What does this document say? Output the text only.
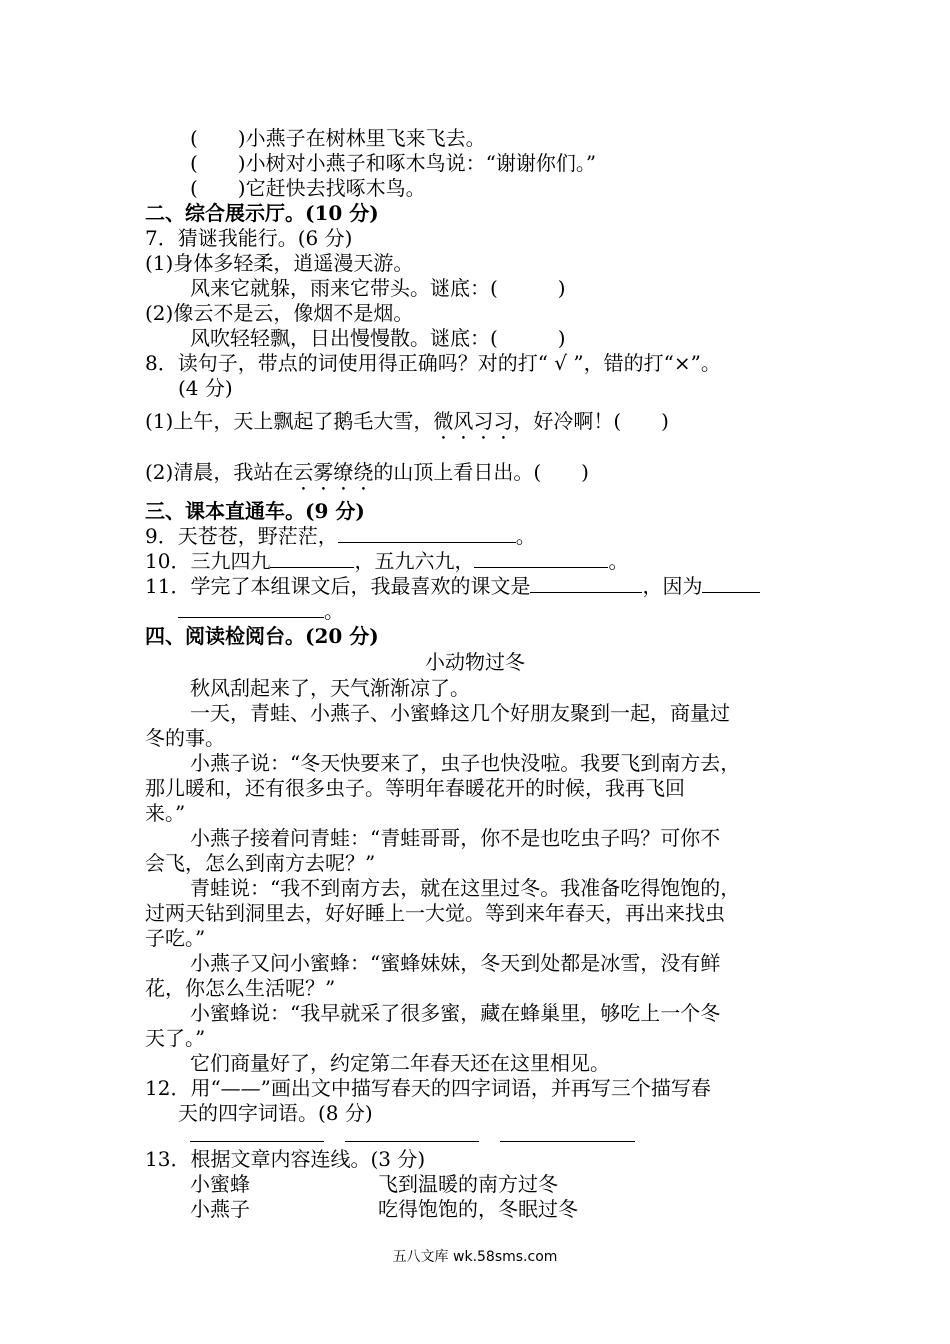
(　　)小燕子在树林里飞来飞去。
(　　)小树对小燕子和啄木鸟说：“谢谢你们。”
(　　)它赶快去找啄木鸟。
二、综合展示厅。(10 分)
7．猜谜我能行。(6 分)
(1)身体多轻柔，逍遥漫天游。
风来它就躲，雨来它带头。谜底：(　　　)
(2)像云不是云，像烟不是烟。
风吹轻轻飘，日出慢慢散。谜底：(　　　)
8．读句子，带点的词使用得正确吗？对的打“ √ ”，错的打“×”。
(4 分)
(1)上午，天上飘起了鹅毛大雪，微风习习，好冷啊！(　　)
(2)清晨，我站在云雾缭绕的山顶上看日出。(　　)
三、课本直通车。(9 分)
9．天苍苍，野茫茫，	。
10．三九四九	，五九六九，	。
11．学完了本组课文后，我最喜欢的课文是	，因为
。
四、阅读检阅台。(20 分)
小动物过冬
秋风刮起来了，天气渐渐凉了。
一天，青蛙、小燕子、小蜜蜂这几个好朋友聚到一起，商量过
冬的事。
小燕子说：“冬天快要来了，虫子也快没啦。我要飞到南方去，
那儿暖和，还有很多虫子。等明年春暖花开的时候，我再飞回
来。”
小燕子接着问青蛙：“青蛙哥哥，你不是也吃虫子吗？可你不
会飞，怎么到南方去呢？”
青蛙说：“我不到南方去，就在这里过冬。我准备吃得饱饱的，
过两天钻到洞里去，好好睡上一大觉。等到来年春天，再出来找虫
子吃。”
小燕子又问小蜜蜂：“蜜蜂妹妹，冬天到处都是冰雪，没有鲜
花，你怎么生活呢？”
小蜜蜂说：“我早就采了很多蜜，藏在蜂巢里，够吃上一个冬
天了。”
它们商量好了，约定第二年春天还在这里相见。
12．用“——”画出文中描写春天的四字词语，并再写三个描写春
天的四字词语。(8 分)
13．根据文章内容连线。(3 分)
小蜜蜂	飞到温暖的南方过冬
小燕子	吃得饱饱的，冬眠过冬
五八文库 wk.58sms.com
